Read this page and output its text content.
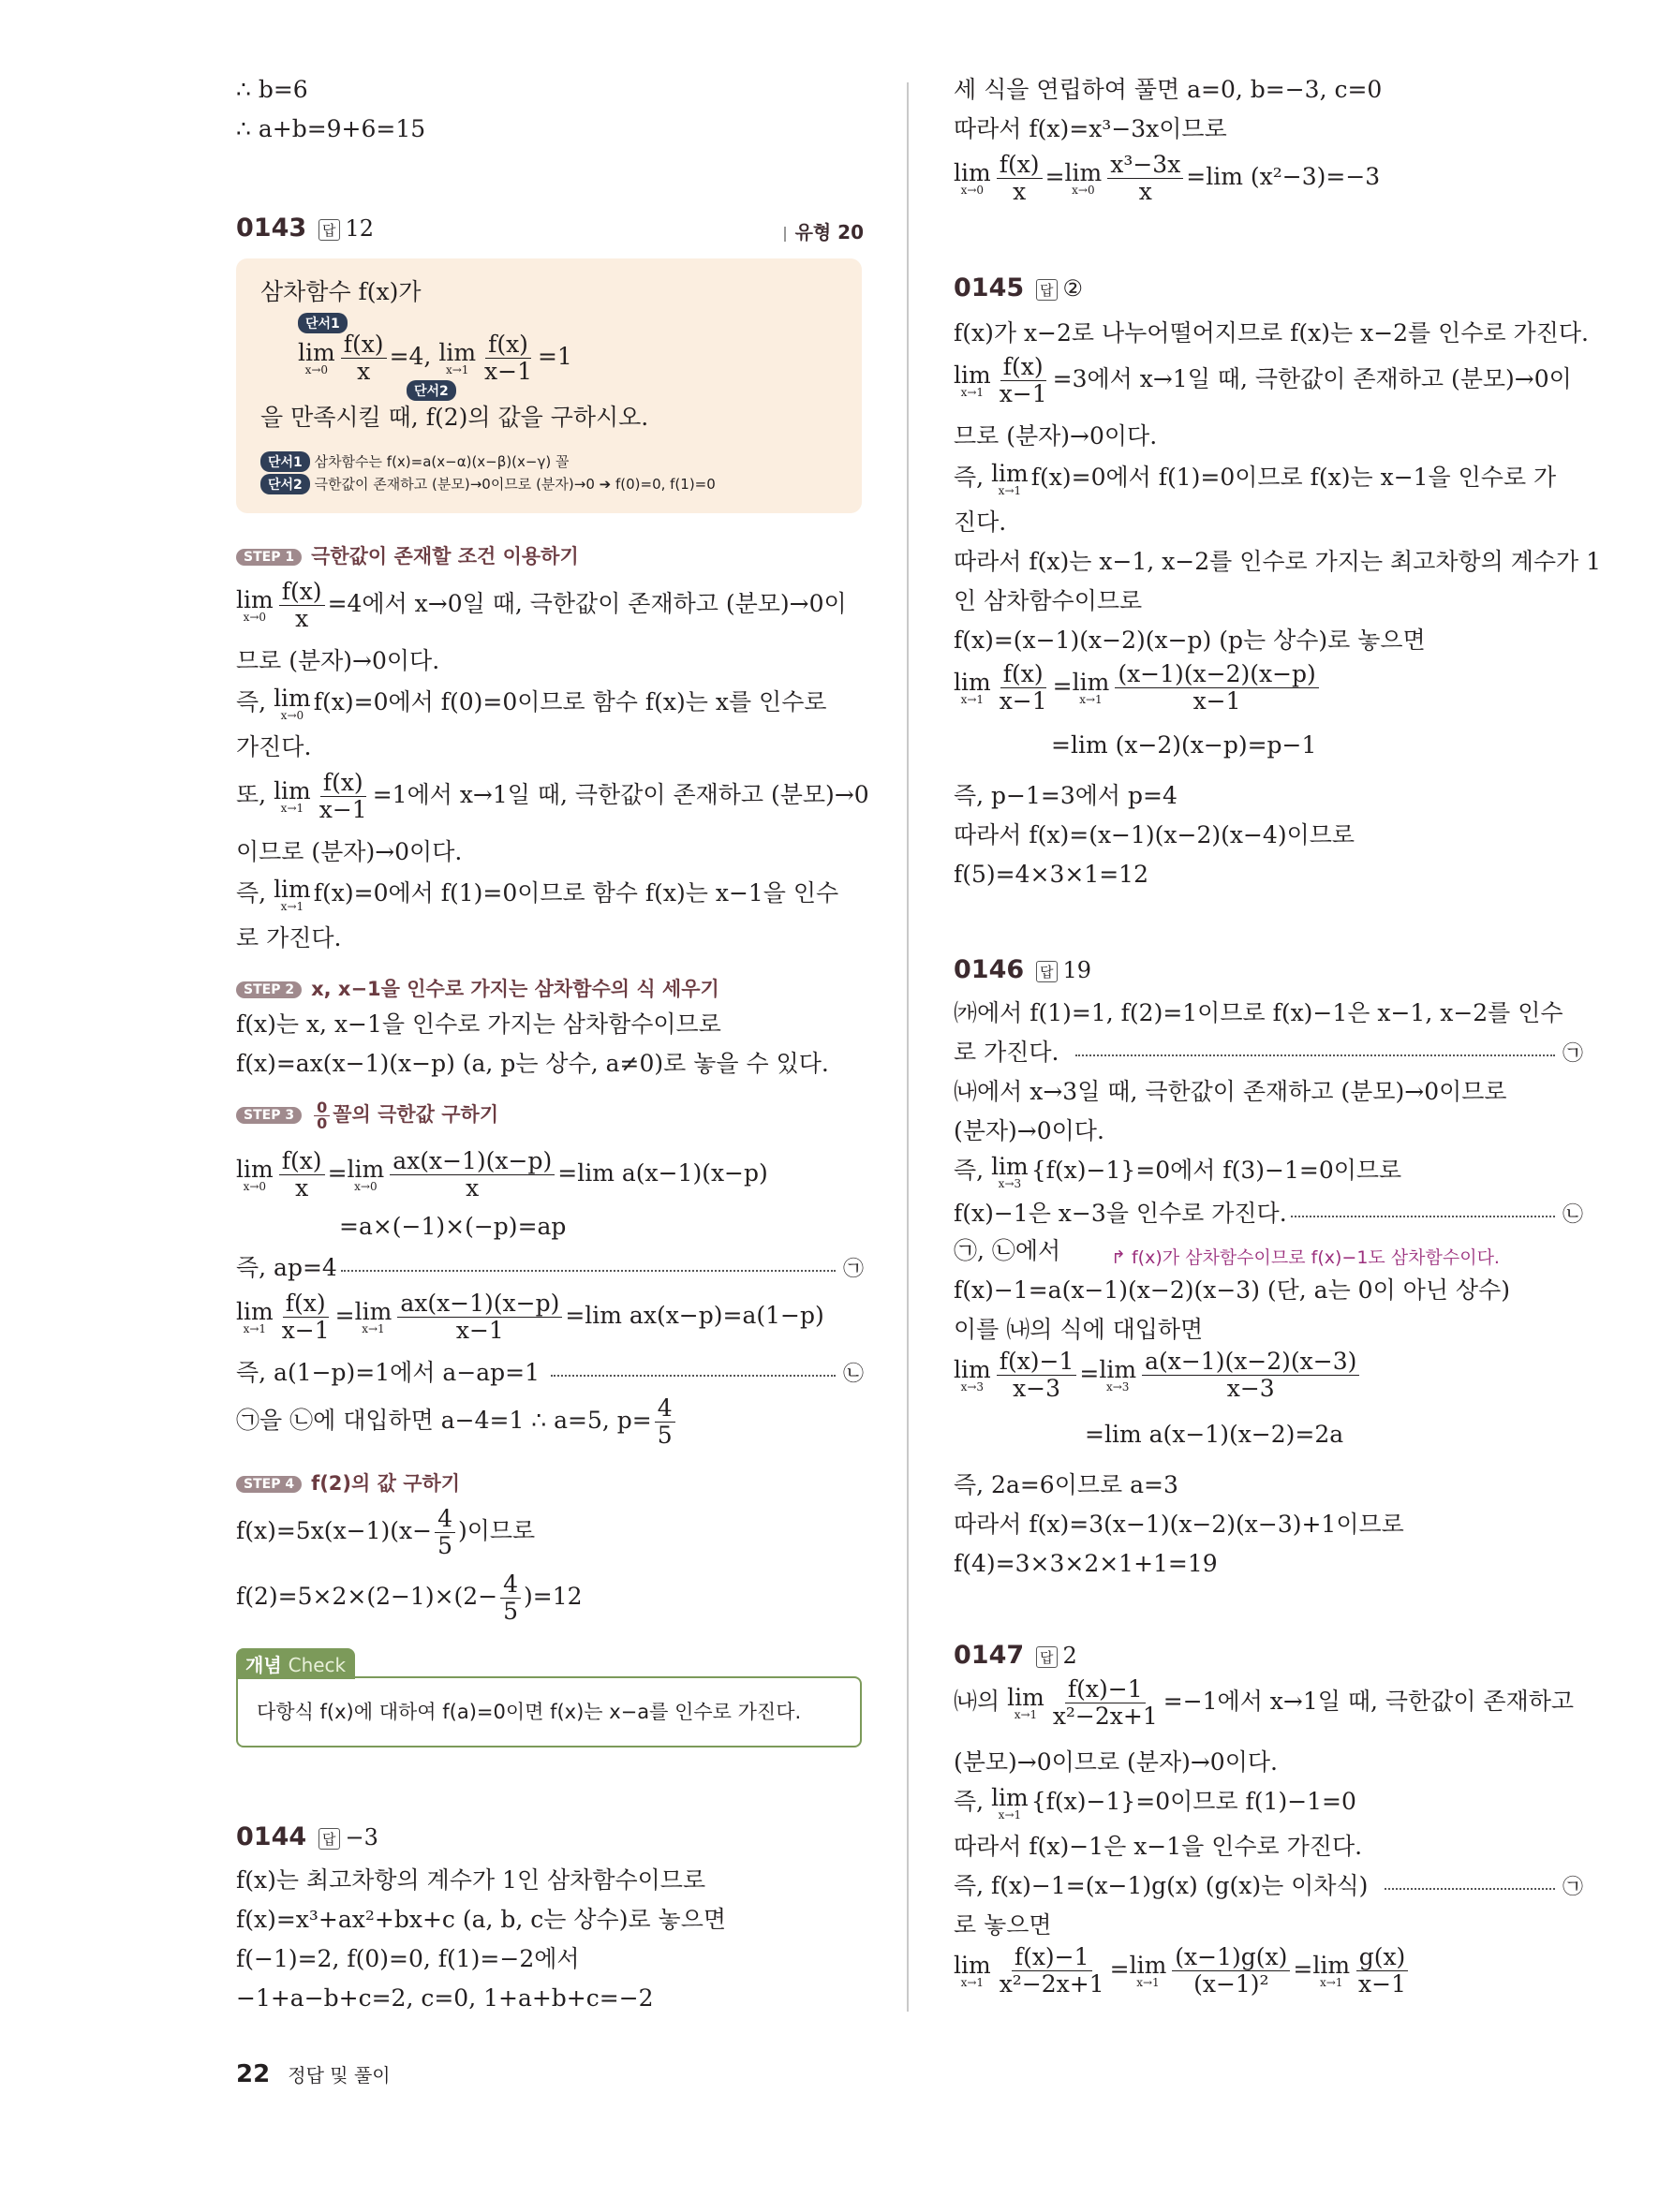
∴ b=6
∴ a+b=9+6=15
0143 답 12	유형 20
삼차함수 f(x)가
단서1
lim
$x\to 0 \frac{f(x)}{x} =4$, lim
$x\to 1 \frac{f(x)}{x-1} =1$
단서2
을 만족시킬 때, f(2)의 값을 구하시오.
단서1 삼차함수는 f(x)=a(x−α)(x−β)(x−γ) 꼴
단서2 극한값이 존재하고 (분모)→0이므로 (분자)→0 ➔ f(0)=0, f(1)=0
STEP 1 극한값이 존재할 조건 이용하기
lim
$x\to 0 \frac{f(x)}{x} =4$에서 x→0일 때, 극한값이 존재하고 (분모)→0이
므로 (분자)→0이다.
즉, lim
x→0 f(x)=0에서 f(0)=0이므로 함수 f(x)는 x를 인수로
가진다.
또, lim
$x\to 1 \frac{f(x)}{x-1} =1$에서 x→1일 때, 극한값이 존재하고 (분모)→0
이므로 (분자)→0이다.
즉, lim
x→1 f(x)=0에서 f(1)=0이므로 함수 f(x)는 x−1을 인수
로 가진다.
STEP 2 x, x−1을 인수로 가지는 삼차함수의 식 세우기
f(x)는 x, x−1을 인수로 가지는 삼차함수이므로
f(x)=ax(x−1)(x−p) (a, p는 상수, a≠0)로 놓을 수 있다.
STEP $3 \frac{0}{0}$ 꼴의 극한값 구하기
lim
$x\to 0 \frac{f(x)}{x} = \lim$
$x\to 0 \frac{ax(x-1)(x-p)}{x} =\lim$ a(x−1)(x−p)
=a×(−1)×(−p)=ap
즉, ap=4	㉠
lim
$x\to 1 \frac{f(x)}{x-1} = \lim$
$x\to 1 \frac{ax(x-1)(x-p)}{x-1} =\lim$ ax(x−p)=a(1−p)
즉, a(1−p)=1에서 a−ap=1	㉡
㉠을 ㉡에 대입하면 a−4=1 ∴ a=5, $p= \frac{4}{5}$
STEP 4 f(2)의 값 구하기
$f(x)=5x(x-1)(x- \frac{4}{5}$ )이므로
$f(2)=5\times 2\times(2-1)\times(2- \frac{4}{5} )=12$
개념 Check
다항식 f(x)에 대하여 f(a)=0이면 f(x)는 x−a를 인수로 가진다.
0144 답 −3
f(x)는 최고차항의 계수가 1인 삼차함수이므로
f(x)=x³+ax²+bx+c (a, b, c는 상수)로 놓으면
f(−1)=2, f(0)=0, f(1)=−2에서
−1+a−b+c=2, c=0, 1+a+b+c=−2
세 식을 연립하여 풀면 a=0, b=−3, c=0
따라서 f(x)=x³−3x이므로
lim
$x\to 0 \frac{f(x)}{x} = \lim$
$x\to 0 \frac{\text{x³−3x}}{x} =\lim$ (x²−3)=−3
0145 답 ②
f(x)가 x−2로 나누어떨어지므로 f(x)는 x−2를 인수로 가진다.
lim
$x\to 1 \frac{f(x)}{x-1} =3$에서 x→1일 때, 극한값이 존재하고 (분모)→0이
므로 (분자)→0이다.
즉, lim
x→1 f(x)=0에서 f(1)=0이므로 f(x)는 x−1을 인수로 가
진다.
따라서 f(x)는 x−1, x−2를 인수로 가지는 최고차항의 계수가 1
인 삼차함수이므로
f(x)=(x−1)(x−2)(x−p) (p는 상수)로 놓으면
lim
$x\to 1 \frac{f(x)}{x-1} = \lim$
$x\to 1 \frac{(x-1)(x-2)(x-p)}{x-1}$
=lim (x−2)(x−p)=p−1
즉, p−1=3에서 p=4
따라서 f(x)=(x−1)(x−2)(x−4)이므로
f(5)=4×3×1=12
0146 답 19
㈎에서 f(1)=1, f(2)=1이므로 f(x)−1은 x−1, x−2를 인수
로 가진다.	㉠
㈏에서 x→3일 때, 극한값이 존재하고 (분모)→0이므로
(분자)→0이다.
즉, lim
x→3 {f(x)−1}=0에서 f(3)−1=0이므로
f(x)−1은 x−3을 인수로 가진다.	㉡
㉠, ㉡에서	↱ f(x)가 삼차함수이므로 f(x)−1도 삼차함수이다.
f(x)−1=a(x−1)(x−2)(x−3) (단, a는 0이 아닌 상수)
이를 ㈏의 식에 대입하면
lim
$x\to 3 \frac{f(x)-1}{x-3} = \lim$
$x\to 3 \frac{a(x-1)(x-2)(x-3)}{x-3}$
=lim a(x−1)(x−2)=2a
즉, 2a=6이므로 a=3
따라서 f(x)=3(x−1)(x−2)(x−3)+1이므로
f(4)=3×3×2×1+1=19
0147 답 2
㈏의 lim
$x\to 1 \frac{f(x)-1}{\text{x²−2x+1}} =-1$에서 x→1일 때, 극한값이 존재하고
(분모)→0이므로 (분자)→0이다.
즉, lim
x→1 {f(x)−1}=0이므로 f(1)−1=0
따라서 f(x)−1은 x−1을 인수로 가진다.
즉, f(x)−1=(x−1)g(x) (g(x)는 이차식)	㉠
로 놓으면
lim
$x\to 1 \frac{f(x)-1}{\text{x²−2x+1}} = \lim$
$x\to 1 \frac{(x-1)g(x)}{\text{(x−1)²}} = \lim$
$x\to 1 \frac{g(x)}{x-1}$
22 정답 및 풀이
